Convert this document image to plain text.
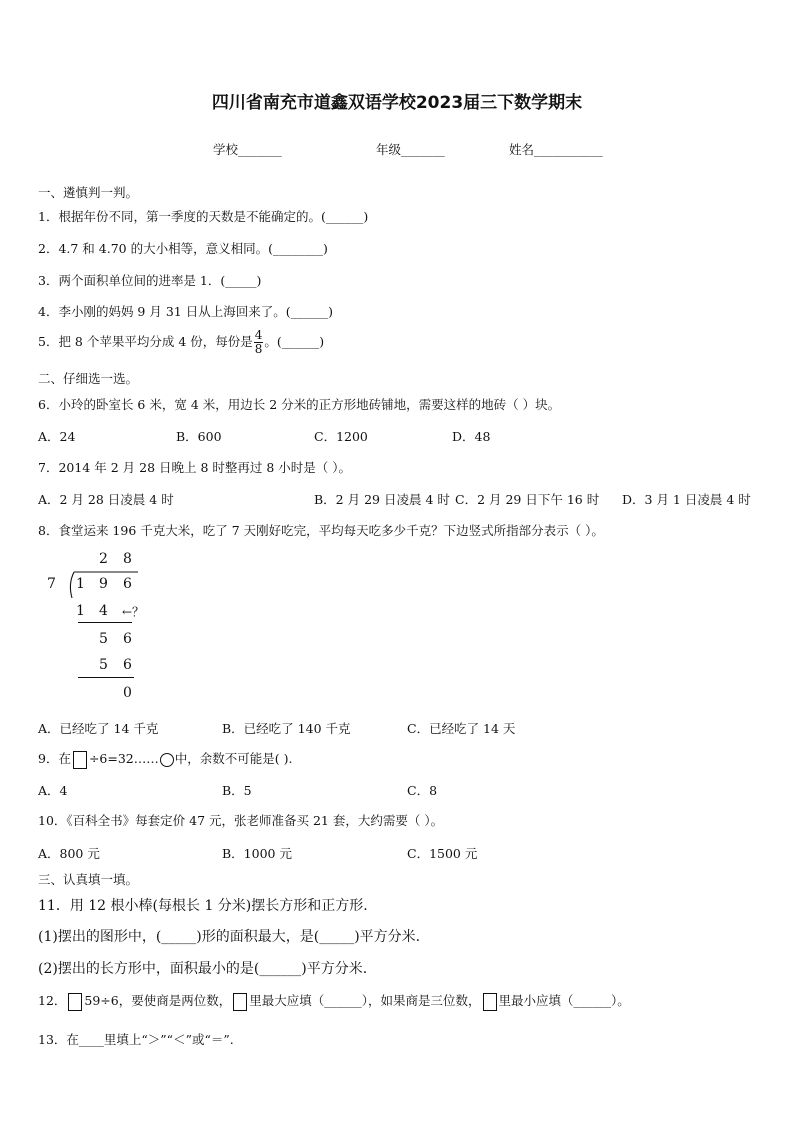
四川省南充市道鑫双语学校2023届三下数学期末
学校_______	年级_______	姓名___________
一、遴慎判一判。
1．根据年份不同，第一季度的天数是不能确定的。(______)
2．4.7 和 4.70 的大小相等，意义相同。(________)
3．两个面积单位间的进率是 1．(_____)
4．李小刚的妈妈 9 月 31 日从上海回来了。(______)
5．把 8 个苹果平均分成 4 份，每份是 $\frac{4}{8}$ 。(______)
二、仔细选一选。
6．小玲的卧室长 6 米，宽 4 米，用边长 2 分米的正方形地砖铺地，需要这样的地砖（ ）块。
A．24	B．600	C．1200	D．48
7．2014 年 2 月 28 日晚上 8 时整再过 8 小时是（ ）。
A．2 月 28 日凌晨 4 时	B．2 月 29 日凌晨 4 时 C．2 月 29 日下午 16 时 D．3 月 1 日凌晨 4 时
8．食堂运来 196 千克大米，吃了 7 天刚好吃完，平均每天吃多少千克？下边竖式所指部分表示（ ）。
2 8
7 1 9 6
1 4 ←？
5 6
5 6
0
A．已经吃了 14 千克	B．已经吃了 140 千克	C．已经吃了 14 天
9．在 ÷6=32…… 中，余数不可能是( ).
A．4	B．5	C．8
10．《百科全书》每套定价 47 元，张老师准备买 21 套，大约需要（ ）。
A．800 元	B．1000 元	C．1500 元
三、认真填一填。
11．用 12 根小棒(每根长 1 分米)摆长方形和正方形.
(1)摆出的图形中，(_____)形的面积最大，是(_____)平方分米.
(2)摆出的长方形中，面积最小的是(______)平方分米.
12． 59÷6，要使商是两位数， 里最大应填（______），如果商是三位数， 里最小应填（______）。
13．在____里填上“＞”“＜”或“＝”.
